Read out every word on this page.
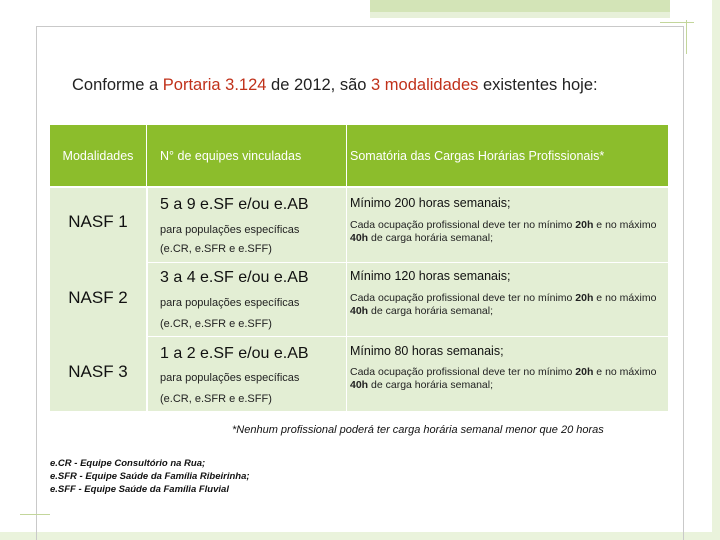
Conforme a Portaria 3.124 de 2012, são 3 modalidades existentes hoje:
Modalidades	N° de equipes vinculadas	Somatória das Cargas Horárias Profissionais*
NASF 1
5 a 9 e.SF e/ou e.AB
para populações específicas
(e.CR, e.SFR e e.SFF)
Mínimo 200 horas semanais;
Cada ocupação profissional deve ter no mínimo 20h e no máximo 40h de carga horária semanal;
NASF 2
3 a 4 e.SF e/ou e.AB
para populações específicas
(e.CR, e.SFR e e.SFF)
Mínimo 120 horas semanais;
Cada ocupação profissional deve ter no mínimo 20h e no máximo 40h de carga horária semanal;
NASF 3
1 a 2 e.SF e/ou e.AB
para populações específicas
(e.CR, e.SFR e e.SFF)
Mínimo 80 horas semanais;
Cada ocupação profissional deve ter no mínimo 20h e no máximo 40h de carga horária semanal;
*Nenhum profissional poderá ter carga horária semanal menor que 20 horas
e.CR - Equipe Consultório na Rua;
e.SFR - Equipe Saúde da Família Ribeirinha;
e.SFF - Equipe Saúde da Família Fluvial
